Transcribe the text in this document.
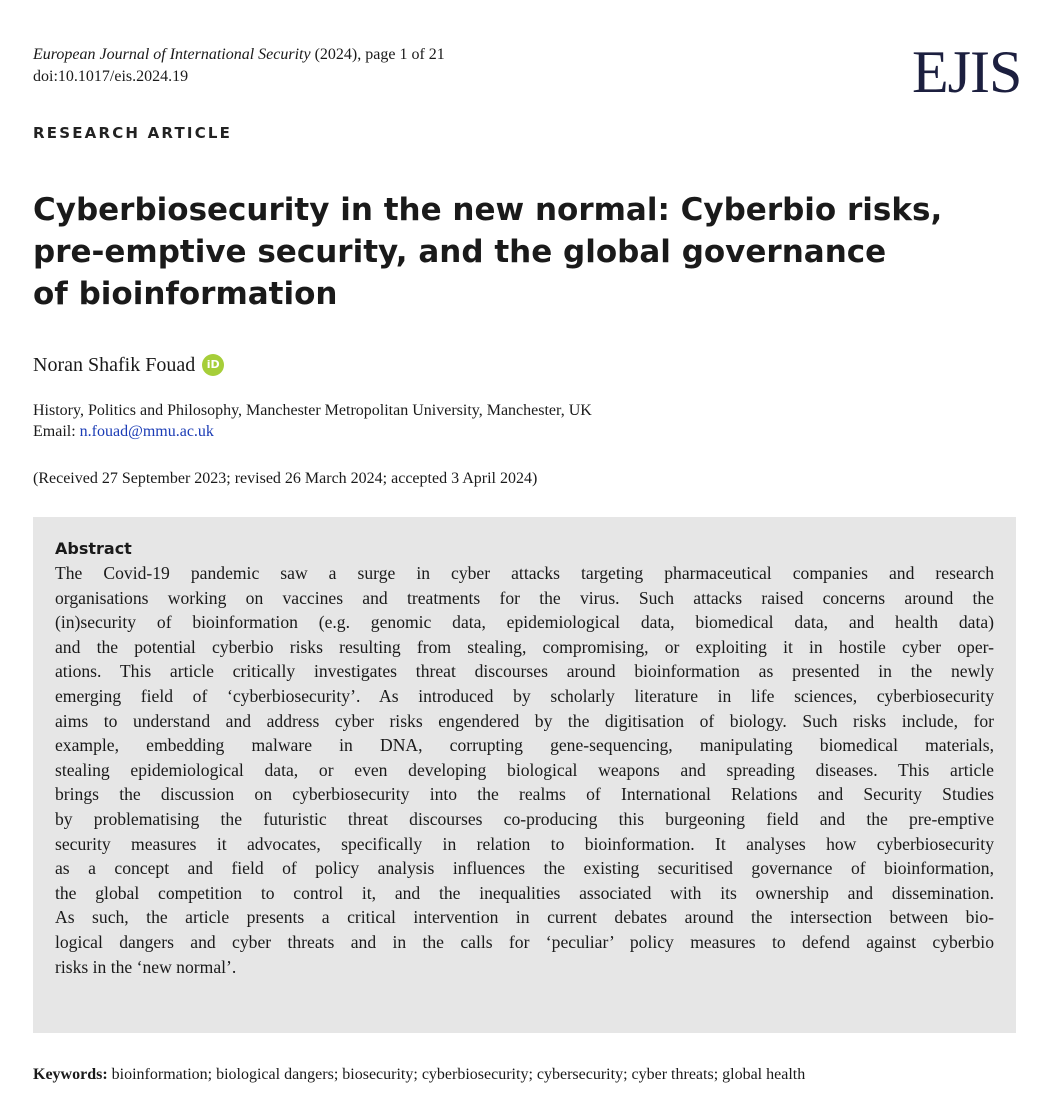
European Journal of International Security (2024), page 1 of 21
doi:10.1017/eis.2024.19	EJIS
RESEARCH ARTICLE
Cyberbiosecurity in the new normal: Cyberbio risks,
pre-emptive security, and the global governance
of bioinformation
Noran Shafik Fouad	iD
History, Politics and Philosophy, Manchester Metropolitan University, Manchester, UK
Email: n.fouad@mmu.ac.uk
(Received 27 September 2023; revised 26 March 2024; accepted 3 April 2024)
Abstract
The Covid-19 pandemic saw a surge in cyber attacks targeting pharmaceutical companies and research
organisations working on vaccines and treatments for the virus. Such attacks raised concerns around the
(in)security of bioinformation (e.g. genomic data, epidemiological data, biomedical data, and health data)
and the potential cyberbio risks resulting from stealing, compromising, or exploiting it in hostile cyber oper-
ations. This article critically investigates threat discourses around bioinformation as presented in the newly
emerging field of ‘cyberbiosecurity’. As introduced by scholarly literature in life sciences, cyberbiosecurity
aims to understand and address cyber risks engendered by the digitisation of biology. Such risks include, for
example, embedding malware in DNA, corrupting gene-sequencing, manipulating biomedical materials,
stealing epidemiological data, or even developing biological weapons and spreading diseases. This article
brings the discussion on cyberbiosecurity into the realms of International Relations and Security Studies
by problematising the futuristic threat discourses co-producing this burgeoning field and the pre-emptive
security measures it advocates, specifically in relation to bioinformation. It analyses how cyberbiosecurity
as a concept and field of policy analysis influences the existing securitised governance of bioinformation,
the global competition to control it, and the inequalities associated with its ownership and dissemination.
As such, the article presents a critical intervention in current debates around the intersection between bio-
logical dangers and cyber threats and in the calls for ‘peculiar’ policy measures to defend against cyberbio
risks in the ‘new normal’.
Keywords: bioinformation; biological dangers; biosecurity; cyberbiosecurity; cybersecurity; cyber threats; global health
